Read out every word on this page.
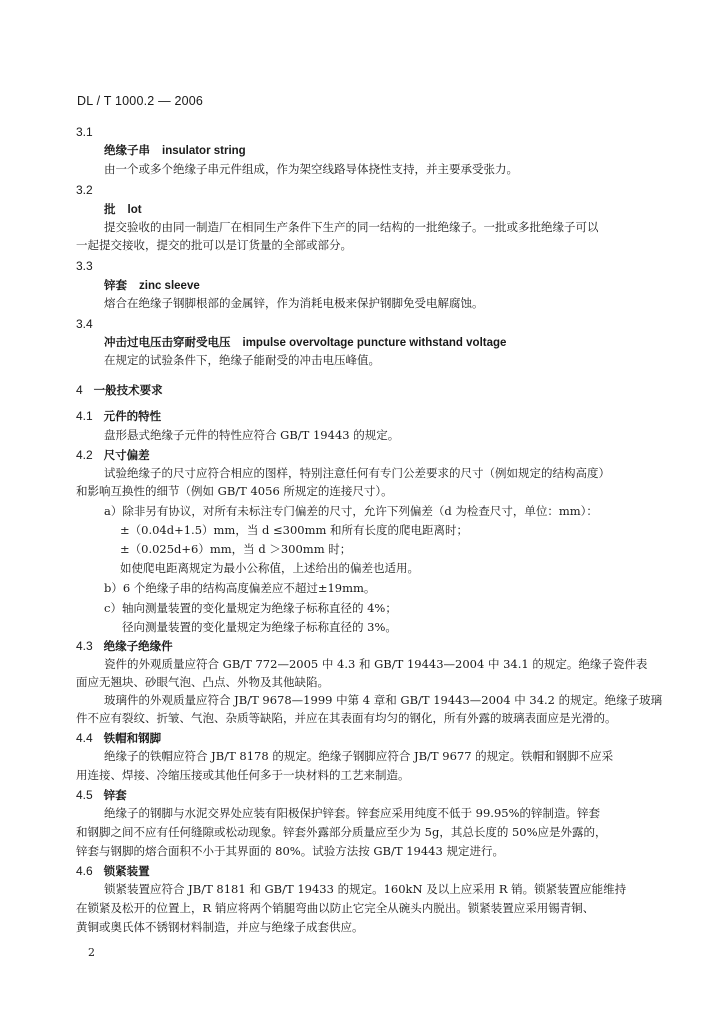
DL / T 1000.2 — 2006
3.1
绝缘子串 insulator string
由一个或多个绝缘子串元件组成，作为架空线路导体挠性支持，并主要承受张力。
3.2
批 lot
提交验收的由同一制造厂在相同生产条件下生产的同一结构的一批绝缘子。一批或多批绝缘子可以
一起提交接收，提交的批可以是订货量的全部或部分。
3.3
锌套 zinc sleeve
熔合在绝缘子钢脚根部的金属锌，作为消耗电极来保护钢脚免受电解腐蚀。
3.4
冲击过电压击穿耐受电压 impulse overvoltage puncture withstand voltage
在规定的试验条件下，绝缘子能耐受的冲击电压峰值。
4 一般技术要求
4.1 元件的特性
盘形悬式绝缘子元件的特性应符合 GB/T 19443 的规定。
4.2 尺寸偏差
试验绝缘子的尺寸应符合相应的图样，特别注意任何有专门公差要求的尺寸（例如规定的结构高度）
和影响互换性的细节（例如 GB/T 4056 所规定的连接尺寸）。
a）除非另有协议，对所有未标注专门偏差的尺寸，允许下列偏差（d 为检查尺寸，单位：mm）：
±（0.04d+1.5）mm，当 d ≤300mm 和所有长度的爬电距离时；
±（0.025d+6）mm，当 d ＞300mm 时；
如使爬电距离规定为最小公称值，上述给出的偏差也适用。
b）6 个绝缘子串的结构高度偏差应不超过±19mm。
c）轴向测量装置的变化量规定为绝缘子标称直径的 4%；
径向测量装置的变化量规定为绝缘子标称直径的 3%。
4.3 绝缘子绝缘件
瓷件的外观质量应符合 GB/T 772—2005 中 4.3 和 GB/T 19443—2004 中 34.1 的规定。绝缘子瓷件表
面应无翘块、砂眼气泡、凸点、外物及其他缺陷。
玻璃件的外观质量应符合 JB/T 9678—1999 中第 4 章和 GB/T 19443—2004 中 34.2 的规定。绝缘子玻璃
件不应有裂纹、折皱、气泡、杂质等缺陷，并应在其表面有均匀的钢化，所有外露的玻璃表面应是光滑的。
4.4 铁帽和钢脚
绝缘子的铁帽应符合 JB/T 8178 的规定。绝缘子钢脚应符合 JB/T 9677 的规定。铁帽和钢脚不应采
用连接、焊接、冷缩压接或其他任何多于一块材料的工艺来制造。
4.5 锌套
绝缘子的钢脚与水泥交界处应装有阳极保护锌套。锌套应采用纯度不低于 99.95%的锌制造。锌套
和钢脚之间不应有任何缝隙或松动现象。锌套外露部分质量应至少为 5g，其总长度的 50%应是外露的，
锌套与钢脚的熔合面积不小于其界面的 80%。试验方法按 GB/T 19443 规定进行。
4.6 锁紧装置
锁紧装置应符合 JB/T 8181 和 GB/T 19433 的规定。160kN 及以上应采用 R 销。锁紧装置应能维持
在锁紧及松开的位置上，R 销应将两个销腿弯曲以防止它完全从碗头内脱出。锁紧装置应采用锡青铜、
黄铜或奥氏体不锈钢材料制造，并应与绝缘子成套供应。
2
